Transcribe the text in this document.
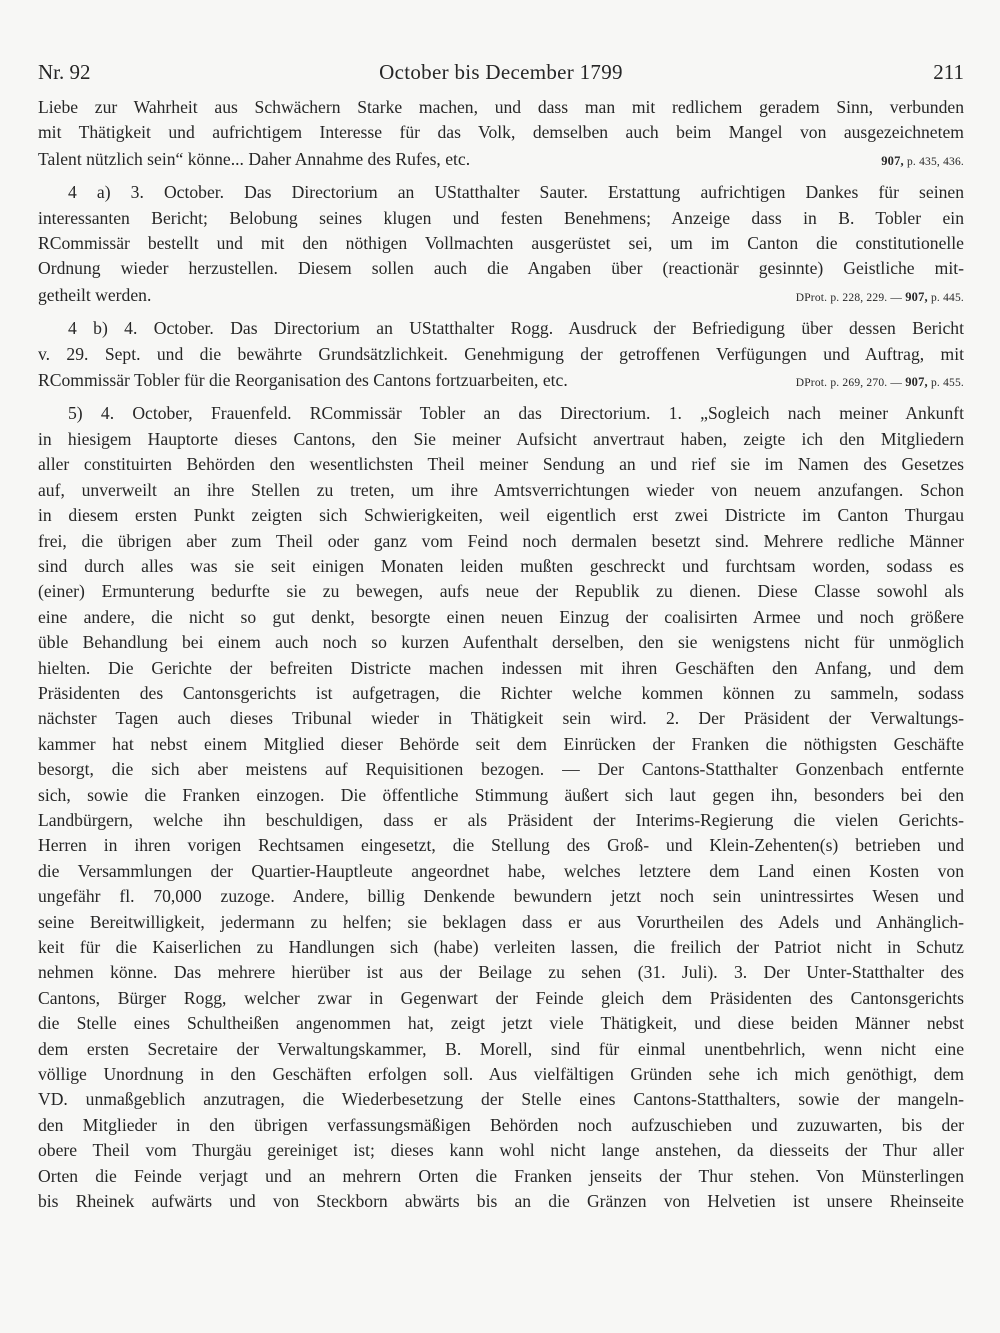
Nr. 92	October bis December 1799	211
Liebe zur Wahrheit aus Schwächern Starke machen, und dass man mit redlichem geradem Sinn, verbunden
mit Thätigkeit und aufrichtigem Interesse für das Volk, demselben auch beim Mangel von ausgezeichnetem
Talent nützlich sein“ könne... Daher Annahme des Rufes, etc.	907, p. 435, 436.
4 a) 3. October. Das Directorium an UStatthalter Sauter. Erstattung aufrichtigen Dankes für seinen
interessanten Bericht; Belobung seines klugen und festen Benehmens; Anzeige dass in B. Tobler ein
RCommissär bestellt und mit den nöthigen Vollmachten ausgerüstet sei, um im Canton die constitutionelle
Ordnung wieder herzustellen. Diesem sollen auch die Angaben über (reactionär gesinnte) Geistliche mit-
getheilt werden.	DProt. p. 228, 229. — 907, p. 445.
4 b) 4. October. Das Directorium an UStatthalter Rogg. Ausdruck der Befriedigung über dessen Bericht
v. 29. Sept. und die bewährte Grundsätzlichkeit. Genehmigung der getroffenen Verfügungen und Auftrag, mit
RCommissär Tobler für die Reorganisation des Cantons fortzuarbeiten, etc.	DProt. p. 269, 270. — 907, p. 455.
5) 4. October, Frauenfeld. RCommissär Tobler an das Directorium. 1. „Sogleich nach meiner Ankunft
in hiesigem Hauptorte dieses Cantons, den Sie meiner Aufsicht anvertraut haben, zeigte ich den Mitgliedern
aller constituirten Behörden den wesentlichsten Theil meiner Sendung an und rief sie im Namen des Gesetzes
auf, unverweilt an ihre Stellen zu treten, um ihre Amtsverrichtungen wieder von neuem anzufangen. Schon
in diesem ersten Punkt zeigten sich Schwierigkeiten, weil eigentlich erst zwei Districte im Canton Thurgau
frei, die übrigen aber zum Theil oder ganz vom Feind noch dermalen besetzt sind. Mehrere redliche Männer
sind durch alles was sie seit einigen Monaten leiden mußten geschreckt und furchtsam worden, sodass es
(einer) Ermunterung bedurfte sie zu bewegen, aufs neue der Republik zu dienen. Diese Classe sowohl als
eine andere, die nicht so gut denkt, besorgte einen neuen Einzug der coalisirten Armee und noch größere
üble Behandlung bei einem auch noch so kurzen Aufenthalt derselben, den sie wenigstens nicht für unmöglich
hielten. Die Gerichte der befreiten Districte machen indessen mit ihren Geschäften den Anfang, und dem
Präsidenten des Cantonsgerichts ist aufgetragen, die Richter welche kommen können zu sammeln, sodass
nächster Tagen auch dieses Tribunal wieder in Thätigkeit sein wird. 2. Der Präsident der Verwaltungs-
kammer hat nebst einem Mitglied dieser Behörde seit dem Einrücken der Franken die nöthigsten Geschäfte
besorgt, die sich aber meistens auf Requisitionen bezogen. — Der Cantons-Statthalter Gonzenbach entfernte
sich, sowie die Franken einzogen. Die öffentliche Stimmung äußert sich laut gegen ihn, besonders bei den
Landbürgern, welche ihn beschuldigen, dass er als Präsident der Interims-Regierung die vielen Gerichts-
Herren in ihren vorigen Rechtsamen eingesetzt, die Stellung des Groß- und Klein-Zehenten(s) betrieben und
die Versammlungen der Quartier-Hauptleute angeordnet habe, welches letztere dem Land einen Kosten von
ungefähr fl. 70,000 zuzoge. Andere, billig Denkende bewundern jetzt noch sein unintressirtes Wesen und
seine Bereitwilligkeit, jedermann zu helfen; sie beklagen dass er aus Vorurtheilen des Adels und Anhänglich-
keit für die Kaiserlichen zu Handlungen sich (habe) verleiten lassen, die freilich der Patriot nicht in Schutz
nehmen könne. Das mehrere hierüber ist aus der Beilage zu sehen (31. Juli). 3. Der Unter-Statthalter des
Cantons, Bürger Rogg, welcher zwar in Gegenwart der Feinde gleich dem Präsidenten des Cantonsgerichts
die Stelle eines Schultheißen angenommen hat, zeigt jetzt viele Thätigkeit, und diese beiden Männer nebst
dem ersten Secretaire der Verwaltungskammer, B. Morell, sind für einmal unentbehrlich, wenn nicht eine
völlige Unordnung in den Geschäften erfolgen soll. Aus vielfältigen Gründen sehe ich mich genöthigt, dem
VD. unmaßgeblich anzutragen, die Wiederbesetzung der Stelle eines Cantons-Statthalters, sowie der mangeln-
den Mitglieder in den übrigen verfassungsmäßigen Behörden noch aufzuschieben und zuzuwarten, bis der
obere Theil vom Thurgäu gereiniget ist; dieses kann wohl nicht lange anstehen, da diesseits der Thur aller
Orten die Feinde verjagt und an mehrern Orten die Franken jenseits der Thur stehen. Von Münsterlingen
bis Rheinek aufwärts und von Steckborn abwärts bis an die Gränzen von Helvetien ist unsere Rheinseite
